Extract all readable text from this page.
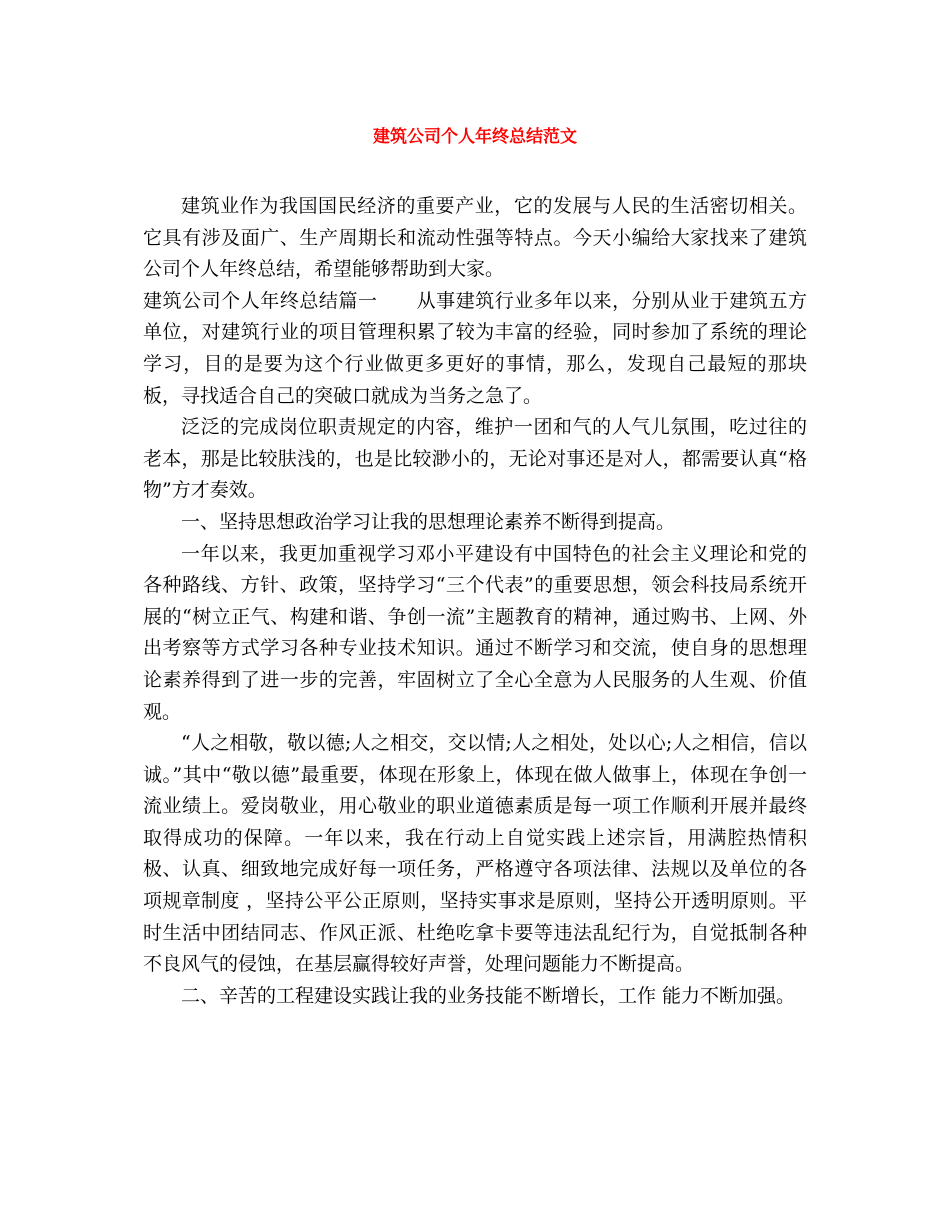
建筑公司个人年终总结范文

建筑业作为我国国民经济的重要产业，它的发展与人民的生活密切相关。它具有涉及面广、生产周期长和流动性强等特点。今天小编给大家找来了建筑公司个人年终总结，希望能够帮助到大家。

建筑公司个人年终总结篇一　　从事建筑行业多年以来，分别从业于建筑五方单位，对建筑行业的项目管理积累了较为丰富的经验，同时参加了系统的理论学习，目的是要为这个行业做更多更好的事情，那么，发现自己最短的那块板，寻找适合自己的突破口就成为当务之急了。

泛泛的完成岗位职责规定的内容，维护一团和气的人气儿氛围，吃过往的老本，那是比较肤浅的，也是比较渺小的，无论对事还是对人，都需要认真“格物”方才奏效。

一、坚持思想政治学习让我的思想理论素养不断得到提高。

一年以来，我更加重视学习邓小平建设有中国特色的社会主义理论和党的各种路线、方针、政策，坚持学习“三个代表”的重要思想，领会科技局系统开展的“树立正气、构建和谐、争创一流”主题教育的精神，通过购书、上网、外出考察等方式学习各种专业技术知识。通过不断学习和交流，使自身的思想理论素养得到了进一步的完善，牢固树立了全心全意为人民服务的人生观、价值观。

“人之相敬，敬以德;人之相交，交以情;人之相处，处以心;人之相信，信以诚。”其中“敬以德”最重要，体现在形象上，体现在做人做事上，体现在争创一流业绩上。爱岗敬业，用心敬业的职业道德素质是每一项工作顺利开展并最终取得成功的保障。一年以来，我在行动上自觉实践上述宗旨，用满腔热情积极、认真、细致地完成好每一项任务，严格遵守各项法律、法规以及单位的各项规章制度 ，坚持公平公正原则，坚持实事求是原则，坚持公开透明原则。平时生活中团结同志、作风正派、杜绝吃拿卡要等违法乱纪行为，自觉抵制各种不良风气的侵蚀，在基层赢得较好声誉，处理问题能力不断提高。

二、辛苦的工程建设实践让我的业务技能不断增长，工作 能力不断加强。
